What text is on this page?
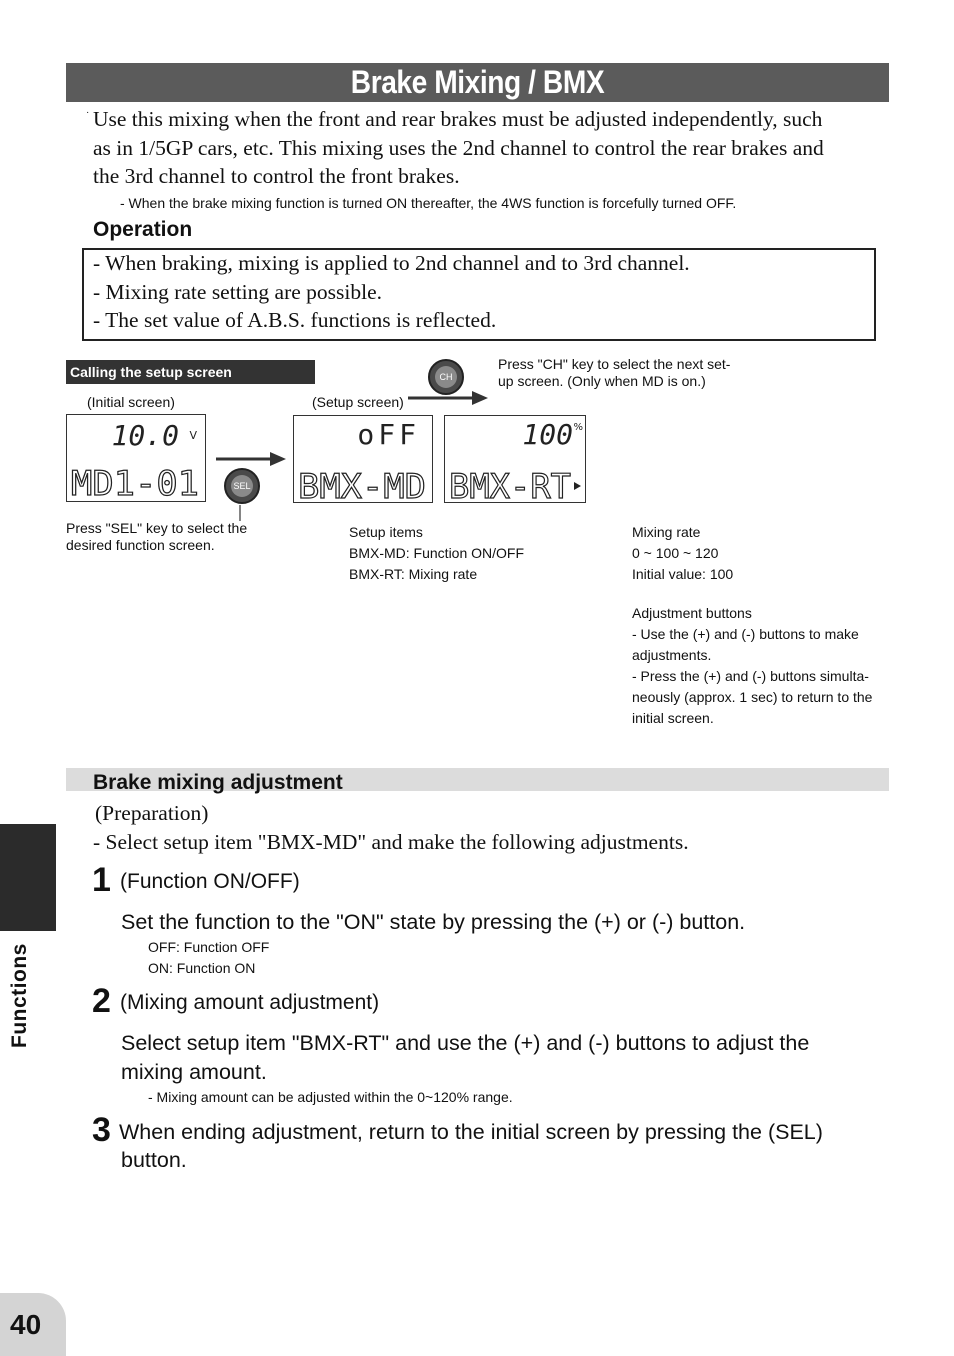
Brake Mixing / BMX
· Use this mixing when the front and rear brakes must be adjusted independently, such
as in 1/5GP cars, etc. This mixing uses the 2nd channel to control the rear brakes and
the 3rd channel to control the front brakes.
- When the brake mixing function is turned ON thereafter, the 4WS function is forcefully turned OFF.
Operation
- When braking, mixing is applied to 2nd channel and to 3rd channel.
- Mixing rate setting are possible.
- The set value of A.B.S. functions is reflected.
Calling the setup screen
(Initial screen)	(Setup screen)
CH
Press "CH" key to select the next set-
up screen. (Only when MD is on.)
10.0 V
MD1-01	SEL
Press "SEL" key to select the
desired function screen.
oFF
BMX-MD
100 %
BMX-RT
Setup items
BMX-MD: Function ON/OFF
BMX-RT: Mixing rate
Mixing rate
0 ~ 100 ~ 120
Initial value: 100
Adjustment buttons
- Use the (+) and (-) buttons to make
adjustments.
- Press the (+) and (-) buttons simulta-
neously (approx. 1 sec) to return to the
initial screen.
Brake mixing adjustment
(Preparation)
- Select setup item "BMX-MD" and make the following adjustments.
1 (Function ON/OFF)
Set the function to the "ON" state by pressing the (+) or (-) button.
OFF: Function OFF
ON: Function ON
2 (Mixing amount adjustment)
Select setup item "BMX-RT" and use the (+) and (-) buttons to adjust the
mixing amount.
- Mixing amount can be adjusted within the 0~120% range.
3 When ending adjustment, return to the initial screen by pressing the (SEL)
button.
Functions
40
